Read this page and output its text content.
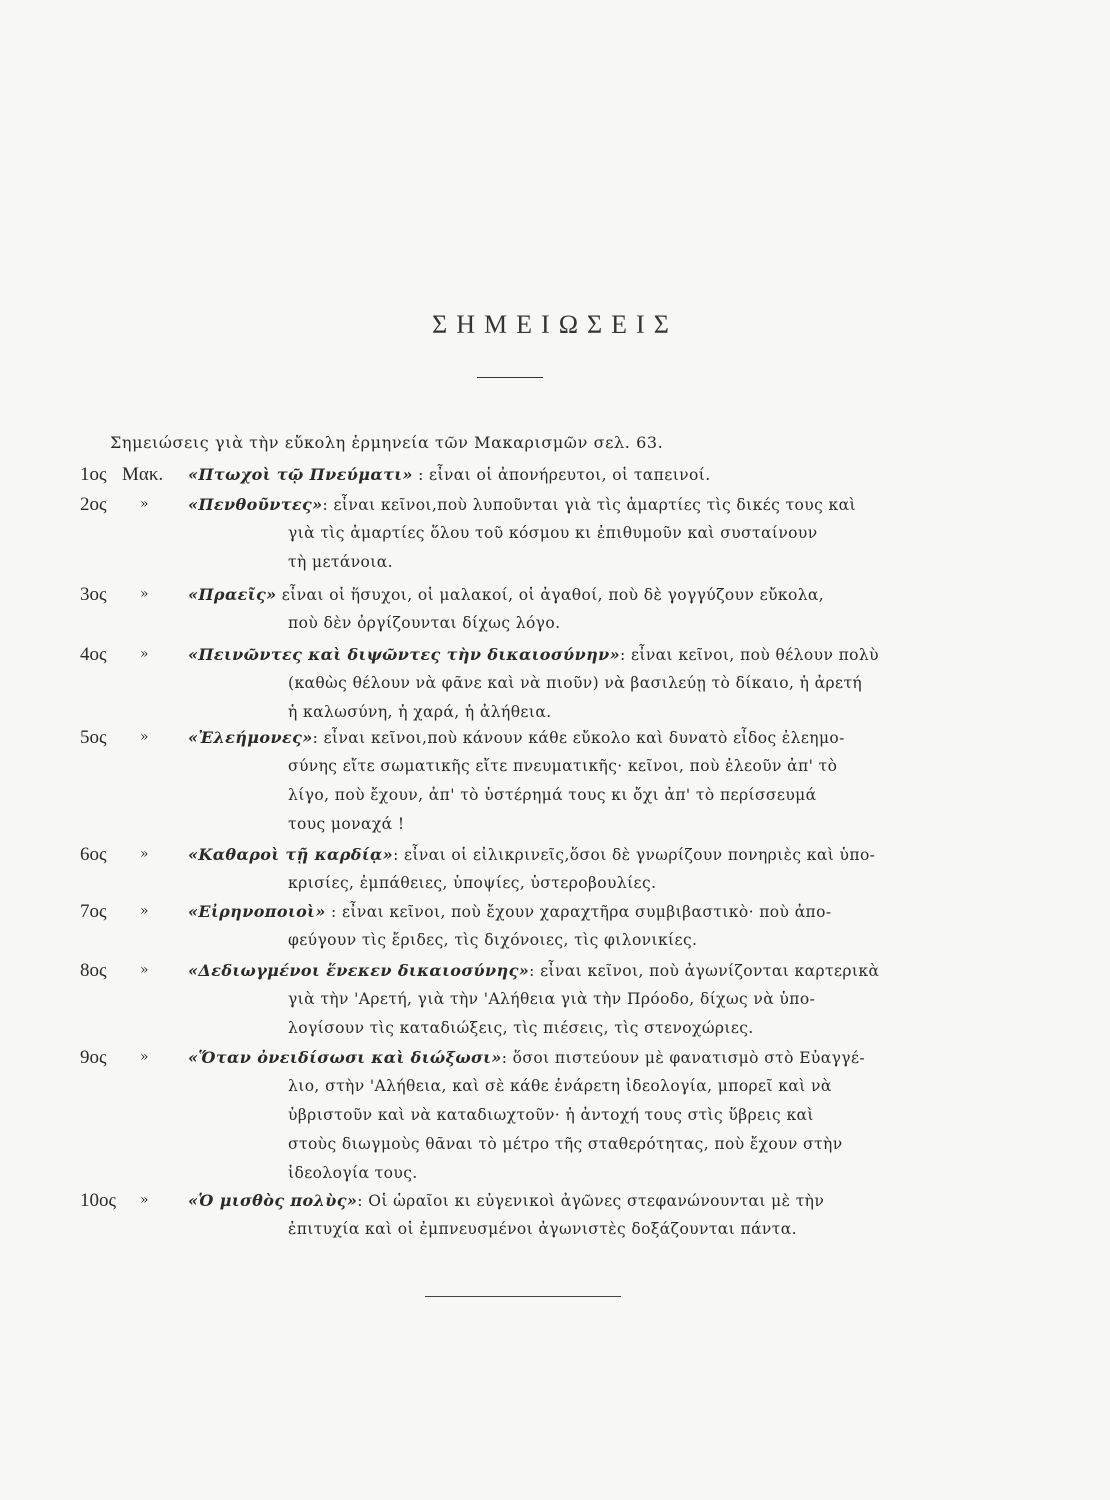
ΣΗΜΕΙΩΣΕΙΣ
Σημειώσεις γιὰ τὴν εὔκολη ἑρμηνεία τῶν Μακαρισμῶν σελ. 63.
1ος Μακ. «Πτωχοὶ τῷ Πνεύματι» : εἶναι οἱ ἀπονήρευτοι, οἱ ταπεινοί.
2ος » «Πενθοῦντες»: εἶναι κεῖνοι,ποὺ λυποῦνται γιὰ τὶς ἁμαρτίες τὶς δικές τους καὶ
γιὰ τὶς ἁμαρτίες ὅλου τοῦ κόσμου κι ἐπιθυμοῦν καὶ συσταίνουν
τὴ μετάνοια.
3ος » «Πραεῖς» εἶναι οἱ ἥσυχοι, οἱ μαλακοί, οἱ ἀγαθοί, ποὺ δὲ γογγύζουν εὔκολα,
ποὺ δὲν ὀργίζουνται δίχως λόγο.
4ος » «Πεινῶντες καὶ διψῶντες τὴν δικαιοσύνην»: εἶναι κεῖνοι, ποὺ θέλουν πολὺ
(καθὼς θέλουν νὰ φᾶνε καὶ νὰ πιοῦν) νὰ βασιλεύῃ τὸ δίκαιο, ἡ ἀρετή
ἡ καλωσύνη, ἡ χαρά, ἡ ἀλήθεια.
5ος » «Ἐλεήμονες»: εἶναι κεῖνοι,ποὺ κάνουν κάθε εὔκολο καὶ δυνατὸ εἶδος ἐλεημο-
σύνης εἴτε σωματικῆς εἴτε πνευματικῆς· κεῖνοι, ποὺ ἐλεοῦν ἀπ' τὸ
λίγο, ποὺ ἔχουν, ἀπ' τὸ ὑστέρημά τους κι ὄχι ἀπ' τὸ περίσσευμά
τους μοναχά !
6ος » «Καθαροὶ τῇ καρδίᾳ»: εἶναι οἱ εἰλικρινεῖς,ὅσοι δὲ γνωρίζουν πονηριὲς καὶ ὑπο-
κρισίες, ἐμπάθειες, ὑποψίες, ὑστεροβουλίες.
7ος » «Εἰρηνοποιοὶ» : εἶναι κεῖνοι, ποὺ ἔχουν χαραχτῆρα συμβιβαστικὸ· ποὺ ἀπο-
φεύγουν τὶς ἔριδες, τὶς διχόνοιες, τὶς φιλονικίες.
8ος » «Δεδιωγμένοι ἕνεκεν δικαιοσύνης»: εἶναι κεῖνοι, ποὺ ἀγωνίζονται καρτερικὰ
γιὰ τὴν 'Αρετή, γιὰ τὴν 'Αλήθεια γιὰ τὴν Πρόοδο, δίχως νὰ ὑπο-
λογίσουν τὶς καταδιώξεις, τὶς πιέσεις, τὶς στενοχώριες.
9ος » «Ὅταν ὀνειδίσωσι καὶ διώξωσι»: ὅσοι πιστεύουν μὲ φανατισμὸ στὸ Εὐαγγέ-
λιο, στὴν 'Αλήθεια, καὶ σὲ κάθε ἐνάρετη ἰδεολογία, μπορεῖ καὶ νὰ
ὑβριστοῦν καὶ νὰ καταδιωχτοῦν· ἡ ἀντοχή τους στὶς ὕβρεις καὶ
στοὺς διωγμοὺς θᾶναι τὸ μέτρο τῆς σταθερότητας, ποὺ ἔχουν στὴν
ἰδεολογία τους.
10ος » «Ὁ μισθὸς πολὺς»: Οἱ ὡραῖοι κι εὐγενικοὶ ἀγῶνες στεφανώνουνται μὲ τὴν
ἐπιτυχία καὶ οἱ ἐμπνευσμένοι ἀγωνιστὲς δοξάζουνται πάντα.
